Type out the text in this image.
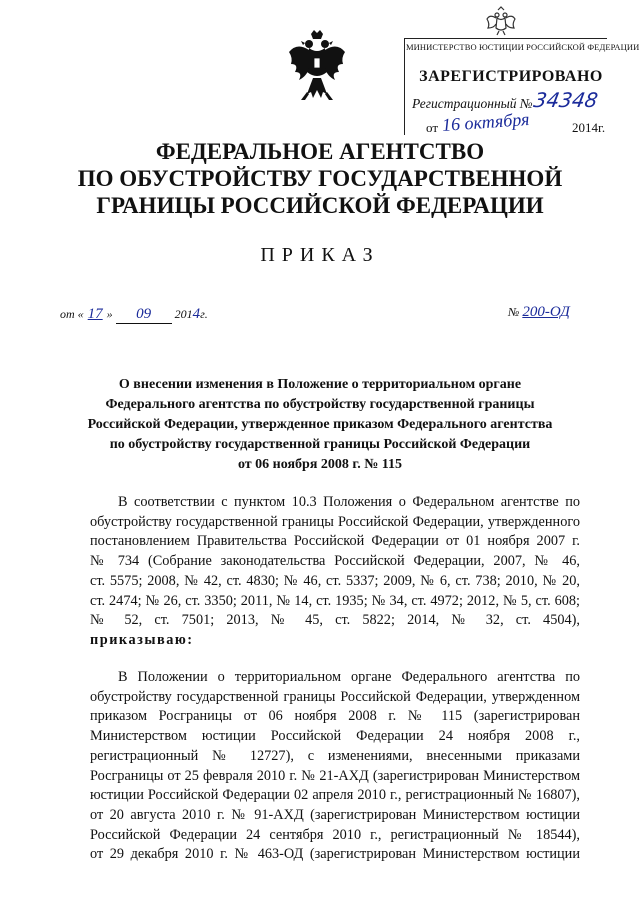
МИНИСТЕРСТВО ЮСТИЦИИ РОССИЙСКОЙ ФЕДЕРАЦИИ
ЗАРЕГИСТРИРОВАНО
Регистрационный № 34348
от 16 октября	2014г.
ФЕДЕРАЛЬНОЕ АГЕНТСТВО
ПО ОБУСТРОЙСТВУ ГОСУДАРСТВЕННОЙ
ГРАНИЦЫ РОССИЙСКОЙ ФЕДЕРАЦИИ
ПРИКАЗ
от « 17 » 09 2014г.	№ 200-ОД
О внесении изменения в Положение о территориальном органе
Федерального агентства по обустройству государственной границы
Российской Федерации, утвержденное приказом Федерального агентства
по обустройству государственной границы Российской Федерации
от 06 ноября 2008 г. № 115
В соответствии с пунктом 10.3 Положения о Федеральном агентстве по
обустройству государственной границы Российской Федерации, утвержденного
постановлением Правительства Российской Федерации от 01 ноября 2007 г.
№ 734 (Собрание законодательства Российской Федерации, 2007, № 46,
ст. 5575; 2008, № 42, ст. 4830; № 46, ст. 5337; 2009, № 6, ст. 738; 2010, № 20,
ст. 2474; № 26, ст. 3350; 2011, № 14, ст. 1935; № 34, ст. 4972; 2012, № 5, ст. 608;
№ 52, ст. 7501; 2013, № 45, ст. 5822; 2014, № 32, ст. 4504),
приказываю:
В Положении о территориальном органе Федерального агентства по
обустройству государственной границы Российской Федерации, утвержденном
приказом Росграницы от 06 ноября 2008 г. № 115 (зарегистрирован
Министерством юстиции Российской Федерации 24 ноября 2008 г.,
регистрационный № 12727), с изменениями, внесенными приказами
Росграницы от 25 февраля 2010 г. № 21-АХД (зарегистрирован Министерством
юстиции Российской Федерации 02 апреля 2010 г., регистрационный № 16807),
от 20 августа 2010 г. № 91-АХД (зарегистрирован Министерством юстиции
Российской Федерации 24 сентября 2010 г., регистрационный № 18544),
от 29 декабря 2010 г. № 463-ОД (зарегистрирован Министерством юстиции
